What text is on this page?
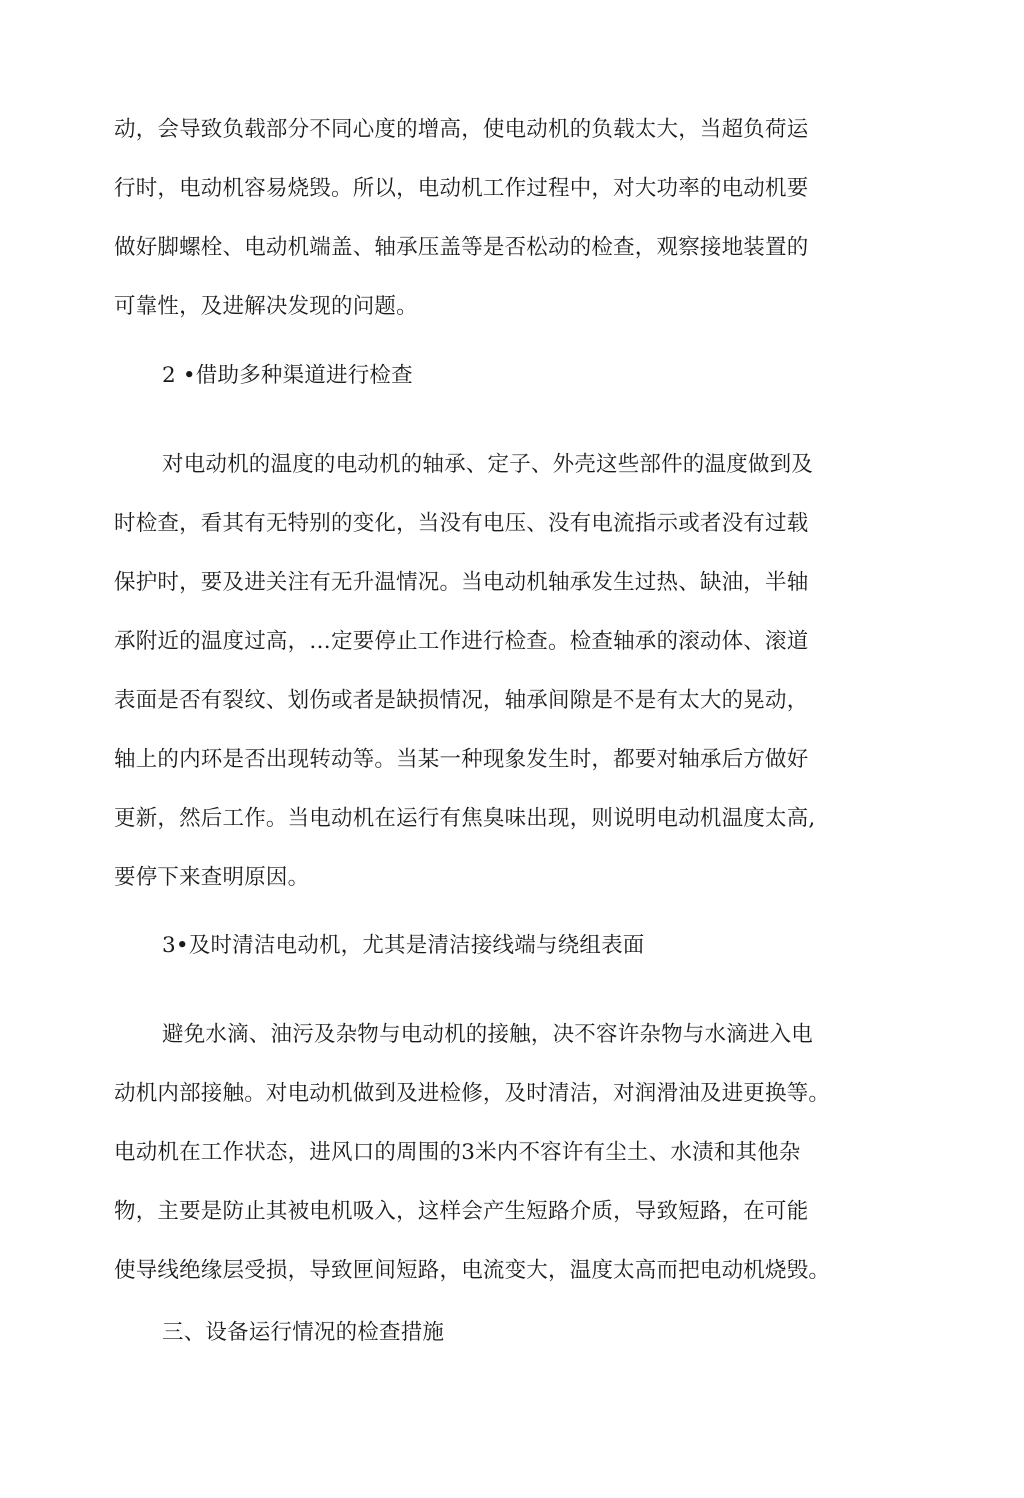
动，会导致负载部分不同心度的增高，使电动机的负载太大，当超负荷运
行时，电动机容易烧毁。所以，电动机工作过程中，对大功率的电动机要
做好脚螺栓、电动机端盖、轴承压盖等是否松动的检查，观察接地装置的
可靠性，及进解决发现的问题。
2 •借助多种渠道进行检查
对电动机的温度的电动机的轴承、定子、外壳这些部件的温度做到及
时检查，看其有无特别的变化，当没有电压、没有电流指示或者没有过载
保护时，要及进关注有无升温情况。当电动机轴承发生过热、缺油，半轴
承附近的温度过高，…定要停止工作进行检查。检查轴承的滚动体、滚道
表面是否有裂纹、划伤或者是缺损情况，轴承间隙是不是有太大的晃动，
轴上的内环是否出现转动等。当某一种现象发生时，都要对轴承后方做好
更新，然后工作。当电动机在运行有焦臭味出现，则说明电动机温度太高,
要停下来查明原因。
3•及时清洁电动机，尤其是清洁接线端与绕组表面
避免水滴、油污及杂物与电动机的接触，决不容许杂物与水滴进入电
动机内部接触。对电动机做到及进检修，及时清洁，对润滑油及进更换等。
电动机在工作状态，进风口的周围的3米内不容许有尘土、水渍和其他杂
物，主要是防止其被电机吸入，这样会产生短路介质，导致短路，在可能
使导线绝缘层受损，导致匣间短路，电流变大，温度太高而把电动机烧毁。
三、设备运行情况的检查措施
